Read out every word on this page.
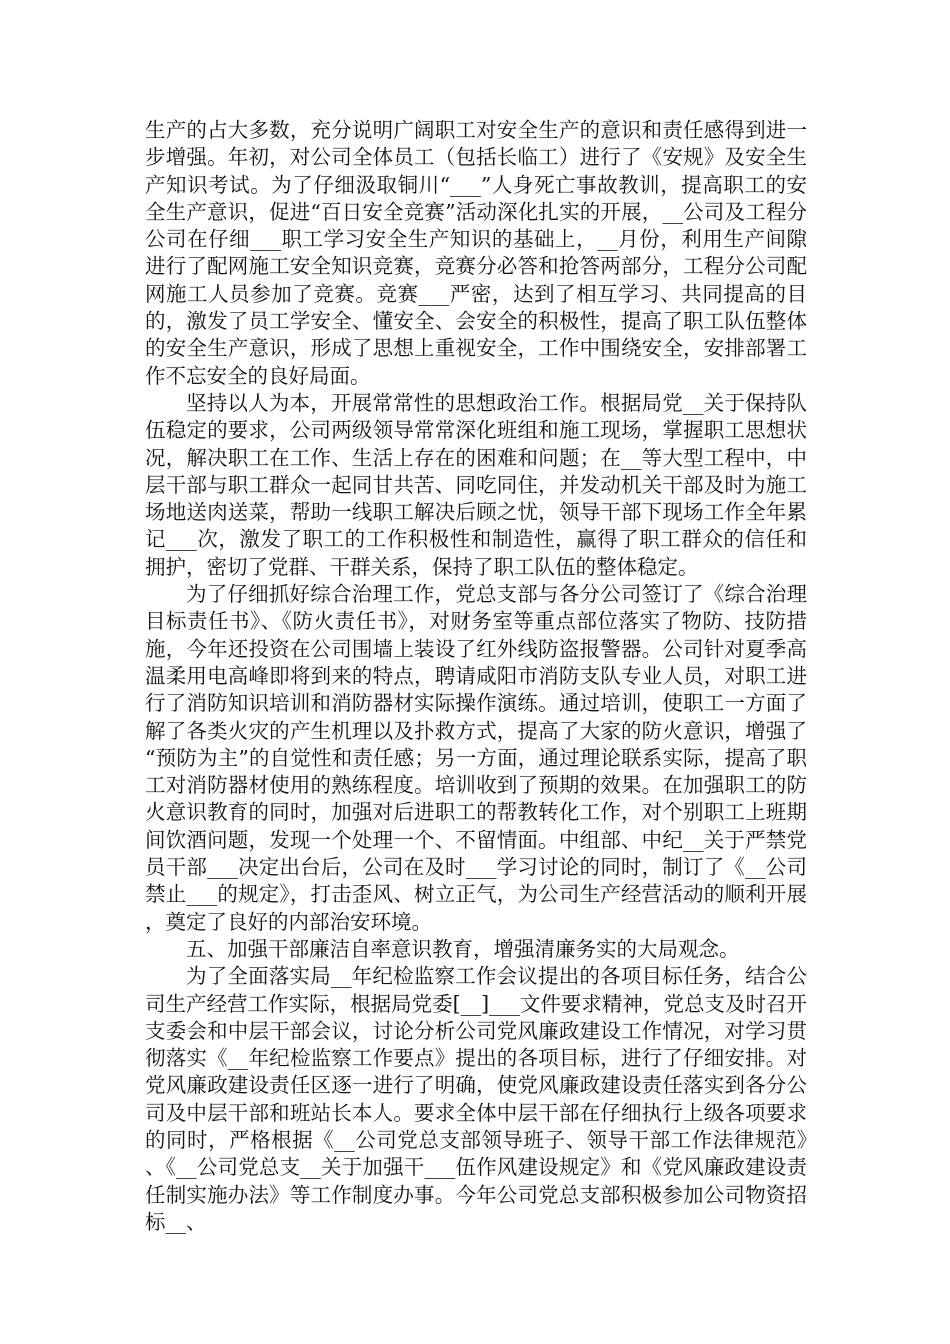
生产的占大多数，充分说明广阔职工对安全生产的意识和责任感得到进一步增强。年初，对公司全体员工（包括长临工）进行了《安规》及安全生产知识考试。为了仔细汲取铜川“___”人身死亡事故教训，提高职工的安全生产意识，促进“百日安全竞赛”活动深化扎实的开展，__公司及工程分公司在仔细___职工学习安全生产知识的基础上，__月份，利用生产间隙进行了配网施工安全知识竞赛，竞赛分必答和抢答两部分，工程分公司配网施工人员参加了竞赛。竞赛___严密，达到了相互学习、共同提高的目的，激发了员工学安全、懂安全、会安全的积极性，提高了职工队伍整体的安全生产意识，形成了思想上重视安全，工作中围绕安全，安排部署工作不忘安全的良好局面。

坚持以人为本，开展常常性的思想政治工作。根据局党__关于保持队伍稳定的要求，公司两级领导常常深化班组和施工现场，掌握职工思想状况，解决职工在工作、生活上存在的困难和问题；在__等大型工程中，中层干部与职工群众一起同甘共苦、同吃同住，并发动机关干部及时为施工场地送肉送菜，帮助一线职工解决后顾之忧，领导干部下现场工作全年累记___次，激发了职工的工作积极性和制造性，赢得了职工群众的信任和拥护，密切了党群、干群关系，保持了职工队伍的整体稳定。

为了仔细抓好综合治理工作，党总支部与各分公司签订了《综合治理目标责任书》、《防火责任书》，对财务室等重点部位落实了物防、技防措施，今年还投资在公司围墙上装设了红外线防盗报警器。公司针对夏季高温柔用电高峰即将到来的特点，聘请咸阳市消防支队专业人员，对职工进行了消防知识培训和消防器材实际操作演练。通过培训，使职工一方面了解了各类火灾的产生机理以及扑救方式，提高了大家的防火意识，增强了“预防为主”的自觉性和责任感；另一方面，通过理论联系实际，提高了职工对消防器材使用的熟练程度。培训收到了预期的效果。在加强职工的防火意识教育的同时，加强对后进职工的帮教转化工作，对个别职工上班期间饮酒问题，发现一个处理一个、不留情面。中组部、中纪__关于严禁党员干部___决定出台后，公司在及时___学习讨论的同时，制订了《__公司禁止___的规定》，打击歪风、树立正气，为公司生产经营活动的顺利开展，奠定了良好的内部治安环境。

五、加强干部廉洁自率意识教育，增强清廉务实的大局观念。

为了全面落实局__年纪检监察工作会议提出的各项目标任务，结合公司生产经营工作实际，根据局党委[__]___文件要求精神，党总支及时召开支委会和中层干部会议，讨论分析公司党风廉政建设工作情况，对学习贯彻落实《__年纪检监察工作要点》提出的各项目标，进行了仔细安排。对党风廉政建设责任区逐一进行了明确，使党风廉政建设责任落实到各分公司及中层干部和班站长本人。要求全体中层干部在仔细执行上级各项要求的同时，严格根据《__公司党总支部领导班子、领导干部工作法律规范》、《__公司党总支__关于加强干___伍作风建设规定》和《党风廉政建设责任制实施办法》等工作制度办事。今年公司党总支部积极参加公司物资招标__、
